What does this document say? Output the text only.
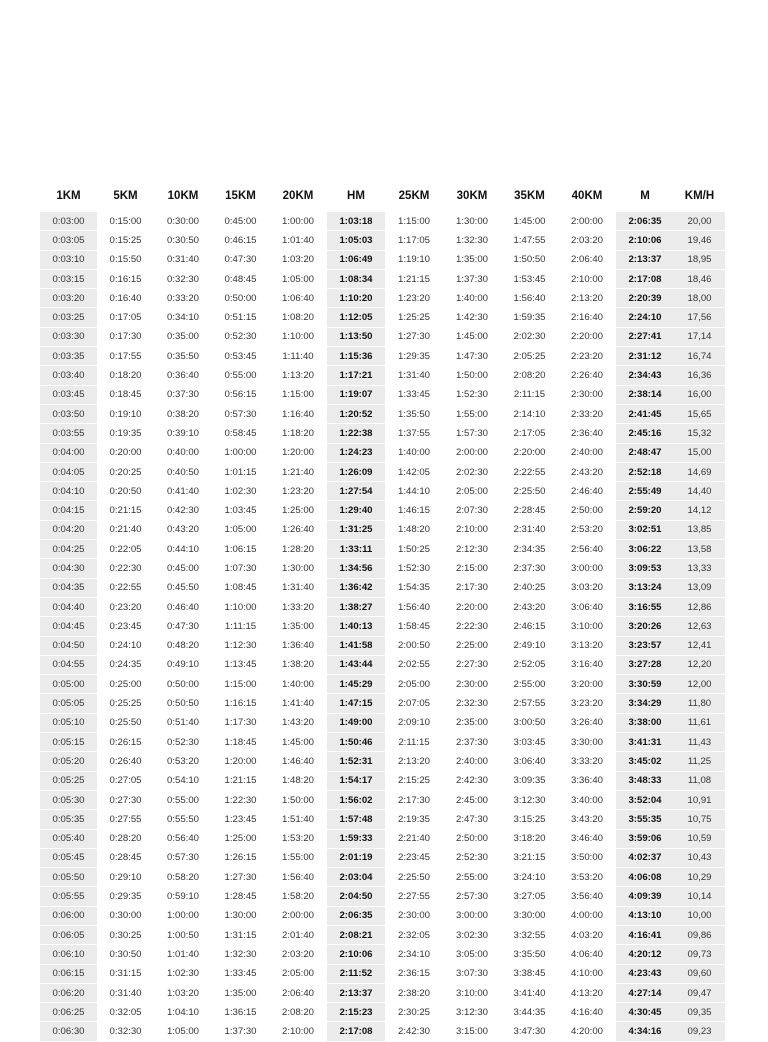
1KM	5KM	10KM	15KM	20KM	HM	25KM	30KM	35KM	40KM	M	KM/H

0:03:00	0:15:00	0:30:00	0:45:00	1:00:00	1:03:18	1:15:00	1:30:00	1:45:00	2:00:00	2:06:35	20,00
0:03:05	0:15:25	0:30:50	0:46:15	1:01:40	1:05:03	1:17:05	1:32:30	1:47:55	2:03:20	2:10:06	19,46
0:03:10	0:15:50	0:31:40	0:47:30	1:03:20	1:06:49	1:19:10	1:35:00	1:50:50	2:06:40	2:13:37	18,95
0:03:15	0:16:15	0:32:30	0:48:45	1:05:00	1:08:34	1:21:15	1:37:30	1:53:45	2:10:00	2:17:08	18,46
0:03:20	0:16:40	0:33:20	0:50:00	1:06:40	1:10:20	1:23:20	1:40:00	1:56:40	2:13:20	2:20:39	18,00
0:03:25	0:17:05	0:34:10	0:51:15	1:08:20	1:12:05	1:25:25	1:42:30	1:59:35	2:16:40	2:24:10	17,56
0:03:30	0:17:30	0:35:00	0:52:30	1:10:00	1:13:50	1:27:30	1:45:00	2:02:30	2:20:00	2:27:41	17,14
0:03:35	0:17:55	0:35:50	0:53:45	1:11:40	1:15:36	1:29:35	1:47:30	2:05:25	2:23:20	2:31:12	16,74
0:03:40	0:18:20	0:36:40	0:55:00	1:13:20	1:17:21	1:31:40	1:50:00	2:08:20	2:26:40	2:34:43	16,36
0:03:45	0:18:45	0:37:30	0:56:15	1:15:00	1:19:07	1:33:45	1:52:30	2:11:15	2:30:00	2:38:14	16,00
0:03:50	0:19:10	0:38:20	0:57:30	1:16:40	1:20:52	1:35:50	1:55:00	2:14:10	2:33:20	2:41:45	15,65
0:03:55	0:19:35	0:39:10	0:58:45	1:18:20	1:22:38	1:37:55	1:57:30	2:17:05	2:36:40	2:45:16	15,32
0:04:00	0:20:00	0:40:00	1:00:00	1:20:00	1:24:23	1:40:00	2:00:00	2:20:00	2:40:00	2:48:47	15,00
0:04:05	0:20:25	0:40:50	1:01:15	1:21:40	1:26:09	1:42:05	2:02:30	2:22:55	2:43:20	2:52:18	14,69
0:04:10	0:20:50	0:41:40	1:02:30	1:23:20	1:27:54	1:44:10	2:05:00	2:25:50	2:46:40	2:55:49	14,40
0:04:15	0:21:15	0:42:30	1:03:45	1:25:00	1:29:40	1:46:15	2:07:30	2:28:45	2:50:00	2:59:20	14,12
0:04:20	0:21:40	0:43:20	1:05:00	1:26:40	1:31:25	1:48:20	2:10:00	2:31:40	2:53:20	3:02:51	13,85
0:04:25	0:22:05	0:44:10	1:06:15	1:28:20	1:33:11	1:50:25	2:12:30	2:34:35	2:56:40	3:06:22	13,58
0:04:30	0:22:30	0:45:00	1:07:30	1:30:00	1:34:56	1:52:30	2:15:00	2:37:30	3:00:00	3:09:53	13,33
0:04:35	0:22:55	0:45:50	1:08:45	1:31:40	1:36:42	1:54:35	2:17:30	2:40:25	3:03:20	3:13:24	13,09
0:04:40	0:23:20	0:46:40	1:10:00	1:33:20	1:38:27	1:56:40	2:20:00	2:43:20	3:06:40	3:16:55	12,86
0:04:45	0:23:45	0:47:30	1:11:15	1:35:00	1:40:13	1:58:45	2:22:30	2:46:15	3:10:00	3:20:26	12,63
0:04:50	0:24:10	0:48:20	1:12:30	1:36:40	1:41:58	2:00:50	2:25:00	2:49:10	3:13:20	3:23:57	12,41
0:04:55	0:24:35	0:49:10	1:13:45	1:38:20	1:43:44	2:02:55	2:27:30	2:52:05	3:16:40	3:27:28	12,20
0:05:00	0:25:00	0:50:00	1:15:00	1:40:00	1:45:29	2:05:00	2:30:00	2:55:00	3:20:00	3:30:59	12,00
0:05:05	0:25:25	0:50:50	1:16:15	1:41:40	1:47:15	2:07:05	2:32:30	2:57:55	3:23:20	3:34:29	11,80
0:05:10	0:25:50	0:51:40	1:17:30	1:43:20	1:49:00	2:09:10	2:35:00	3:00:50	3:26:40	3:38:00	11,61
0:05:15	0:26:15	0:52:30	1:18:45	1:45:00	1:50:46	2:11:15	2:37:30	3:03:45	3:30:00	3:41:31	11,43
0:05:20	0:26:40	0:53:20	1:20:00	1:46:40	1:52:31	2:13:20	2:40:00	3:06:40	3:33:20	3:45:02	11,25
0:05:25	0:27:05	0:54:10	1:21:15	1:48:20	1:54:17	2:15:25	2:42:30	3:09:35	3:36:40	3:48:33	11,08
0:05:30	0:27:30	0:55:00	1:22:30	1:50:00	1:56:02	2:17:30	2:45:00	3:12:30	3:40:00	3:52:04	10,91
0:05:35	0:27:55	0:55:50	1:23:45	1:51:40	1:57:48	2:19:35	2:47:30	3:15:25	3:43:20	3:55:35	10,75
0:05:40	0:28:20	0:56:40	1:25:00	1:53:20	1:59:33	2:21:40	2:50:00	3:18:20	3:46:40	3:59:06	10,59
0:05:45	0:28:45	0:57:30	1:26:15	1:55:00	2:01:19	2:23:45	2:52:30	3:21:15	3:50:00	4:02:37	10,43
0:05:50	0:29:10	0:58:20	1:27:30	1:56:40	2:03:04	2:25:50	2:55:00	3:24:10	3:53:20	4:06:08	10,29
0:05:55	0:29:35	0:59:10	1:28:45	1:58:20	2:04:50	2:27:55	2:57:30	3:27:05	3:56:40	4:09:39	10,14
0:06:00	0:30:00	1:00:00	1:30:00	2:00:00	2:06:35	2:30:00	3:00:00	3:30:00	4:00:00	4:13:10	10,00
0:06:05	0:30:25	1:00:50	1:31:15	2:01:40	2:08:21	2:32:05	3:02:30	3:32:55	4:03:20	4:16:41	09,86
0:06:10	0:30:50	1:01:40	1:32:30	2:03:20	2:10:06	2:34:10	3:05:00	3:35:50	4:06:40	4:20:12	09,73
0:06:15	0:31:15	1:02:30	1:33:45	2:05:00	2:11:52	2:36:15	3:07:30	3:38:45	4:10:00	4:23:43	09,60
0:06:20	0:31:40	1:03:20	1:35:00	2:06:40	2:13:37	2:38:20	3:10:00	3:41:40	4:13:20	4:27:14	09,47
0:06:25	0:32:05	1:04:10	1:36:15	2:08:20	2:15:23	2:30:25	3:12:30	3:44:35	4:16:40	4:30:45	09,35
0:06:30	0:32:30	1:05:00	1:37:30	2:10:00	2:17:08	2:42:30	3:15:00	3:47:30	4:20:00	4:34:16	09,23
